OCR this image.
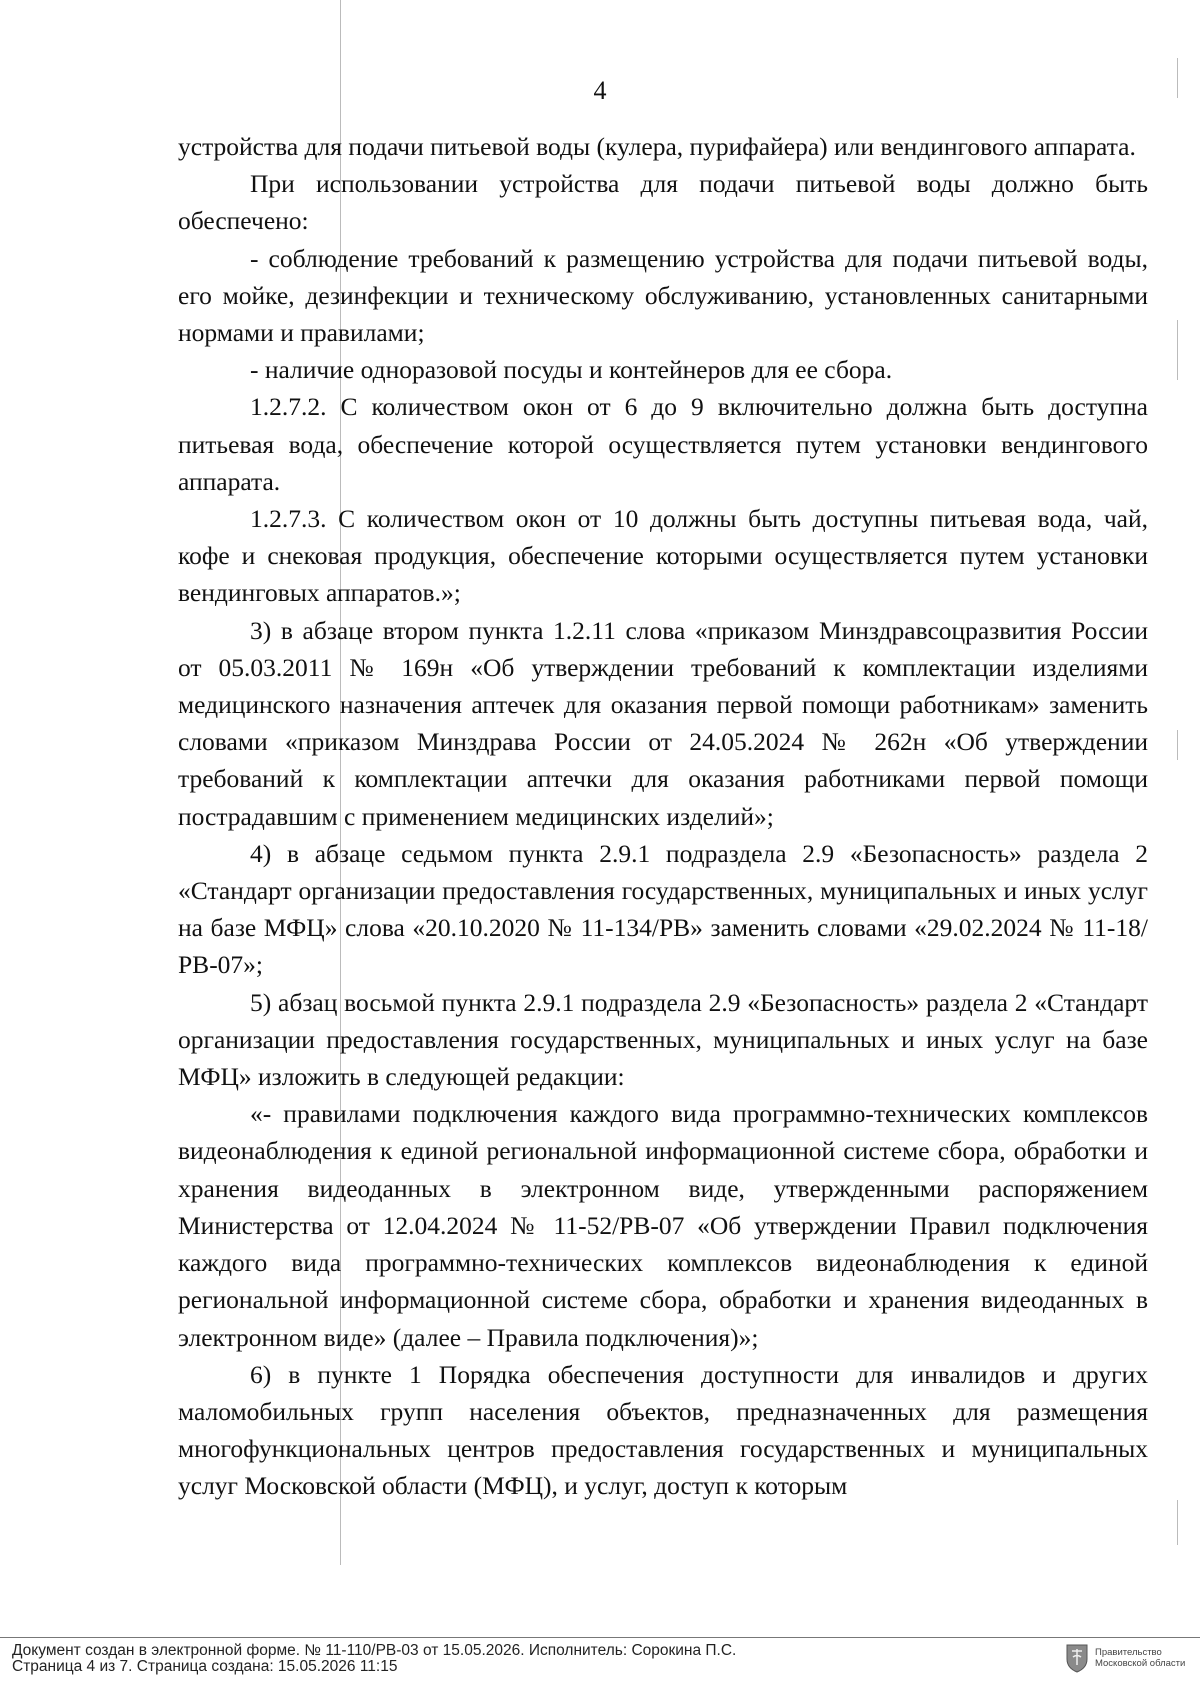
4

устройства для подачи питьевой воды (кулера, пурифайера) или вендингового аппарата.

При использовании устройства для подачи питьевой воды должно быть обеспечено:

- соблюдение требований к размещению устройства для подачи питьевой воды, его мойке, дезинфекции и техническому обслуживанию, установленных санитарными нормами и правилами;

- наличие одноразовой посуды и контейнеров для ее сбора.

1.2.7.2. С количеством окон от 6 до 9 включительно должна быть доступна питьевая вода, обеспечение которой осуществляется путем установки вендингового аппарата.

1.2.7.3. С количеством окон от 10 должны быть доступны питьевая вода, чай, кофе и снековая продукция, обеспечение которыми осуществляется путем установки вендинговых аппаратов.»;

3) в абзаце втором пункта 1.2.11 слова «приказом Минздравсоцразвития России от 05.03.2011 № 169н «Об утверждении требований к комплектации изделиями медицинского назначения аптечек для оказания первой помощи работникам» заменить словами «приказом Минздрава России от 24.05.2024 № 262н «Об утверждении требований к комплектации аптечки для оказания работниками первой помощи пострадавшим с применением медицинских изделий»;

4) в абзаце седьмом пункта 2.9.1 подраздела 2.9 «Безопасность» раздела 2 «Стандарт организации предоставления государственных, муниципальных и иных услуг на базе МФЦ» слова «20.10.2020 № 11-134/РВ» заменить словами «29.02.2024 № 11-18/РВ-07»;

5) абзац восьмой пункта 2.9.1 подраздела 2.9 «Безопасность» раздела 2 «Стандарт организации предоставления государственных, муниципальных и иных услуг на базе МФЦ» изложить в следующей редакции:

«- правилами подключения каждого вида программно-технических комплексов видеонаблюдения к единой региональной информационной системе сбора, обработки и хранения видеоданных в электронном виде, утвержденными распоряжением Министерства от 12.04.2024 № 11-52/РВ-07 «Об утверждении Правил подключения каждого вида программно-технических комплексов видеонаблюдения к единой региональной информационной системе сбора, обработки и хранения видеоданных в электронном виде» (далее – Правила подключения)»;

6) в пункте 1 Порядка обеспечения доступности для инвалидов и других маломобильных групп населения объектов, предназначенных для размещения многофункциональных центров предоставления государственных и муниципальных услуг Московской области (МФЦ), и услуг, доступ к которым

Документ создан в электронной форме. № 11-110/РВ-03 от 15.05.2026. Исполнитель: Сорокина П.С.
Страница 4 из 7. Страница создана: 15.05.2026 11:15
Правительство
Московской области
